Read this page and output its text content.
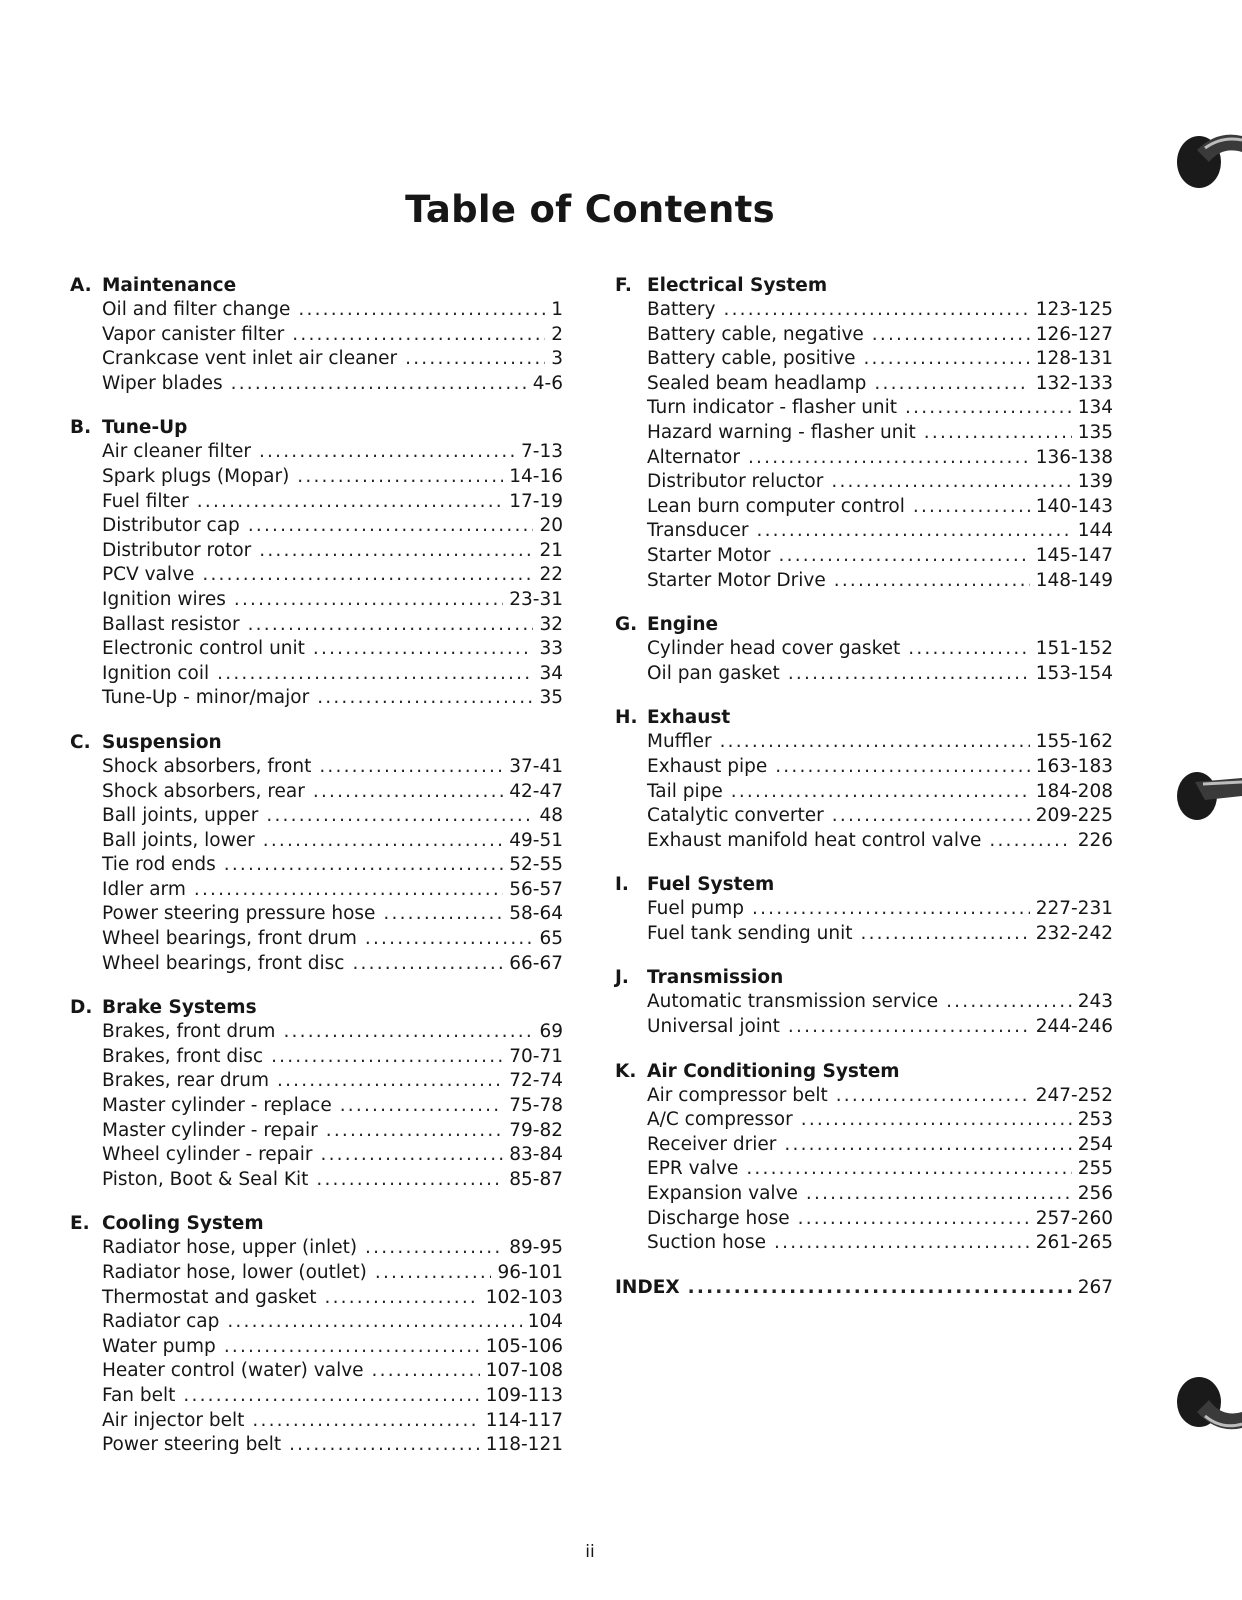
Table of Contents
A. Maintenance
Oil and filter change .....	1
Vapor canister filter .....	2
Crankcase vent inlet air cleaner .....	3
Wiper blades .....	4-6
B. Tune-Up
Air cleaner filter .....	7-13
Spark plugs (Mopar) .....	14-16
Fuel filter .....	17-19
Distributor cap .....	20
Distributor rotor .....	21
PCV valve .....	22
Ignition wires .....	23-31
Ballast resistor .....	32
Electronic control unit .....	33
Ignition coil .....	34
Tune-Up - minor/major .....	35
C. Suspension
Shock absorbers, front .....	37-41
Shock absorbers, rear .....	42-47
Ball joints, upper .....	48
Ball joints, lower .....	49-51
Tie rod ends .....	52-55
Idler arm .....	56-57
Power steering pressure hose .....	58-64
Wheel bearings, front drum .....	65
Wheel bearings, front disc .....	66-67
D. Brake Systems
Brakes, front drum .....	69
Brakes, front disc .....	70-71
Brakes, rear drum .....	72-74
Master cylinder - replace .....	75-78
Master cylinder - repair .....	79-82
Wheel cylinder - repair .....	83-84
Piston, Boot & Seal Kit .....	85-87
E. Cooling System
Radiator hose, upper (inlet) .....	89-95
Radiator hose, lower (outlet) .....	96-101
Thermostat and gasket .....	102-103
Radiator cap .....	104
Water pump .....	105-106
Heater control (water) valve .....	107-108
Fan belt .....	109-113
Air injector belt .....	114-117
Power steering belt .....	118-121
F. Electrical System
Battery .....	123-125
Battery cable, negative .....	126-127
Battery cable, positive .....	128-131
Sealed beam headlamp .....	132-133
Turn indicator - flasher unit .....	134
Hazard warning - flasher unit .....	135
Alternator .....	136-138
Distributor reluctor .....	139
Lean burn computer control .....	140-143
Transducer .....	144
Starter Motor .....	145-147
Starter Motor Drive .....	148-149
G. Engine
Cylinder head cover gasket .....	151-152
Oil pan gasket .....	153-154
H. Exhaust
Muffler .....	155-162
Exhaust pipe .....	163-183
Tail pipe .....	184-208
Catalytic converter .....	209-225
Exhaust manifold heat control valve .....	226
I. Fuel System
Fuel pump .....	227-231
Fuel tank sending unit .....	232-242
J. Transmission
Automatic transmission service .....	243
Universal joint .....	244-246
K. Air Conditioning System
Air compressor belt .....	247-252
A/C compressor .....	253
Receiver drier .....	254
EPR valve .....	255
Expansion valve .....	256
Discharge hose .....	257-260
Suction hose .....	261-265
INDEX .....	267
ii
